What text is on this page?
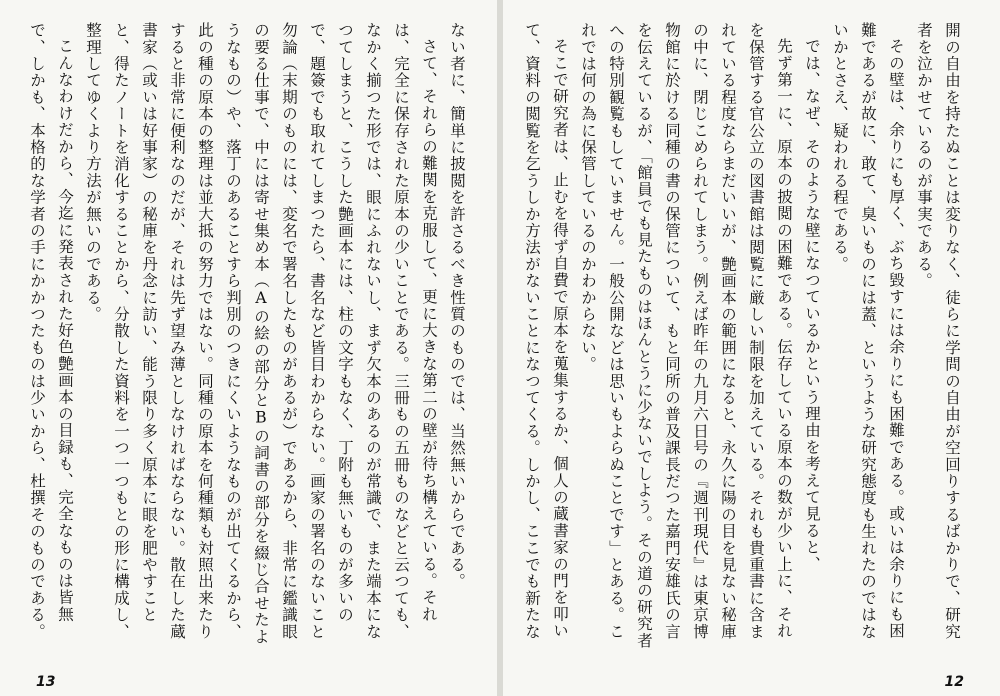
開の自由を持たぬことは変りなく、徒らに学問の自由が空回りするばかりで、研究者を泣かせているのが事実である。

その壁は、余りにも厚く、ぶち毀すには余りにも困難である。或いは余りにも困難であるが故に、敢て、臭いものには蓋、というような研究態度も生れたのではないかとさえ、疑われる程である。

では、なぜ、そのような壁になつているかという理由を考えて見ると、

先ず第一に、原本の披閲の困難である。伝存している原本の数が少い上に、それを保管する官公立の図書館は閲覧に厳しい制限を加えている。それも貴重書に含まれている程度ならまだいいが、艶画本の範囲になると、永久に陽の目を見ない秘庫の中に、閉じこめられてしまう。例えば昨年の九月六日号の『週刊現代』は東京博物館に於ける同種の書の保管について、もと同所の普及課長だつた嘉門安雄氏の言を伝えているが、「館員でも見たものはほんとうに少ないでしよう。その道の研究者への特別観覧もしていません。一般公開などは思いもよらぬことです」とある。これでは何の為に保管しているのかわからない。

そこで研究者は、止むを得ず自費で原本を蒐集するか、個人の蔵書家の門を叩いて、資料の閲覧を乞うしか方法がないことになつてくる。しかし、ここでも新たな

12

ない者に、簡単に披閲を許さるべき性質のものでは、当然無いからである。

さて、それらの難関を克服して、更に大きな第二の壁が待ち構えている。それは、完全に保存された原本の少いことである。三冊もの五冊ものなどと云つても、なかく揃つた形では、眼にふれないし、まず欠本のあるのが常識で、また端本になつてしまうと、こうした艶画本には、柱の文字もなく、丁附も無いものが多いので、題簽でも取れてしまつたら、書名など皆目わからない。画家の署名のないこと勿論（末期のものには、変名で署名したものがあるが）であるから、非常に鑑識眼の要る仕事で、中には寄せ集め本（Aの絵の部分とBの詞書の部分を綴じ合せたようなもの）や、落丁のあることすら判別のつきにくいようなものが出てくるから、此の種の原本の整理は並大抵の努力ではない。同種の原本を何種類も対照出来たりすると非常に便利なのだが、それは先ず望み薄としなければならない。散在した蔵書家（或いは好事家）の秘庫を丹念に訪い、能う限り多く原本に眼を肥やすことと、得たノートを消化することから、分散した資料を一つ一つもとの形に構成し、整理してゆくより方法が無いのである。

こんなわけだから、今迄に発表された好色艶画本の目録も、完全なものは皆無で、しかも、本格的な学者の手にかかつたものは少いから、杜撰そのものである。

13
